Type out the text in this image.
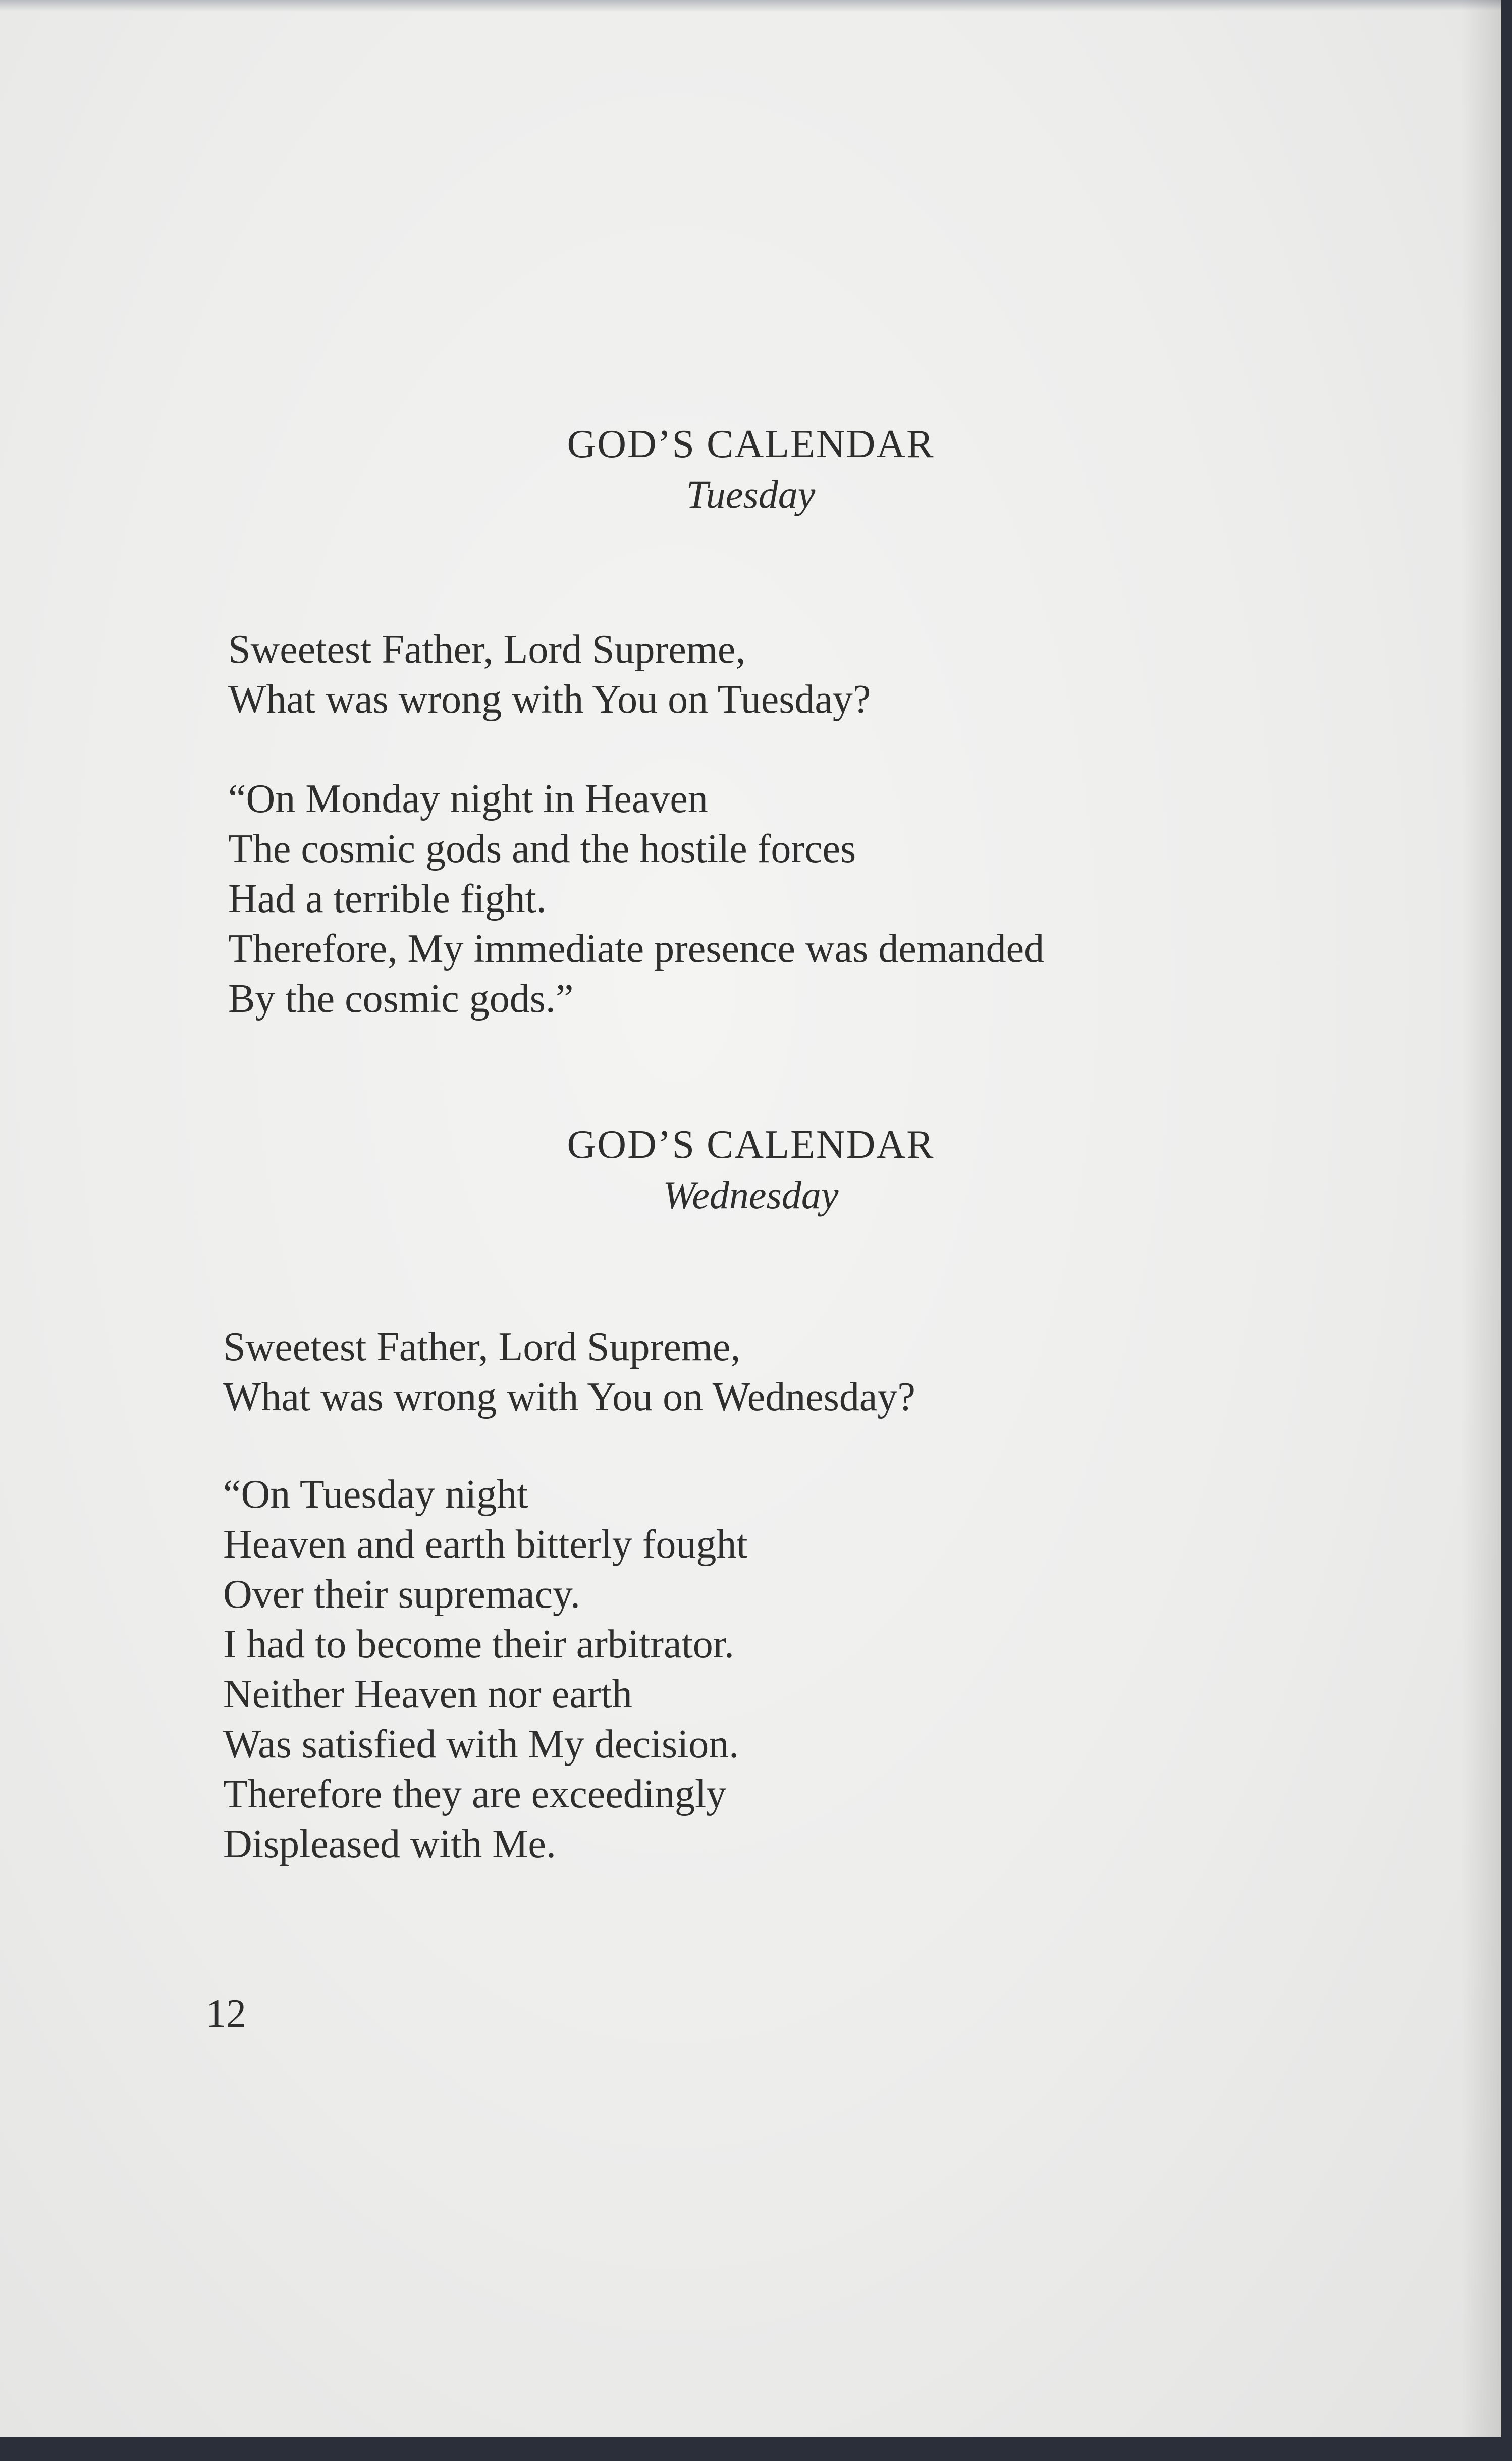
GOD’S CALENDAR
Tuesday
Sweetest Father, Lord Supreme,
What was wrong with You on Tuesday?
“On Monday night in Heaven
The cosmic gods and the hostile forces
Had a terrible fight.
Therefore, My immediate presence was demanded
By the cosmic gods.”
GOD’S CALENDAR
Wednesday
Sweetest Father, Lord Supreme,
What was wrong with You on Wednesday?
“On Tuesday night
Heaven and earth bitterly fought
Over their supremacy.
I had to become their arbitrator.
Neither Heaven nor earth
Was satisfied with My decision.
Therefore they are exceedingly
Displeased with Me.
12
